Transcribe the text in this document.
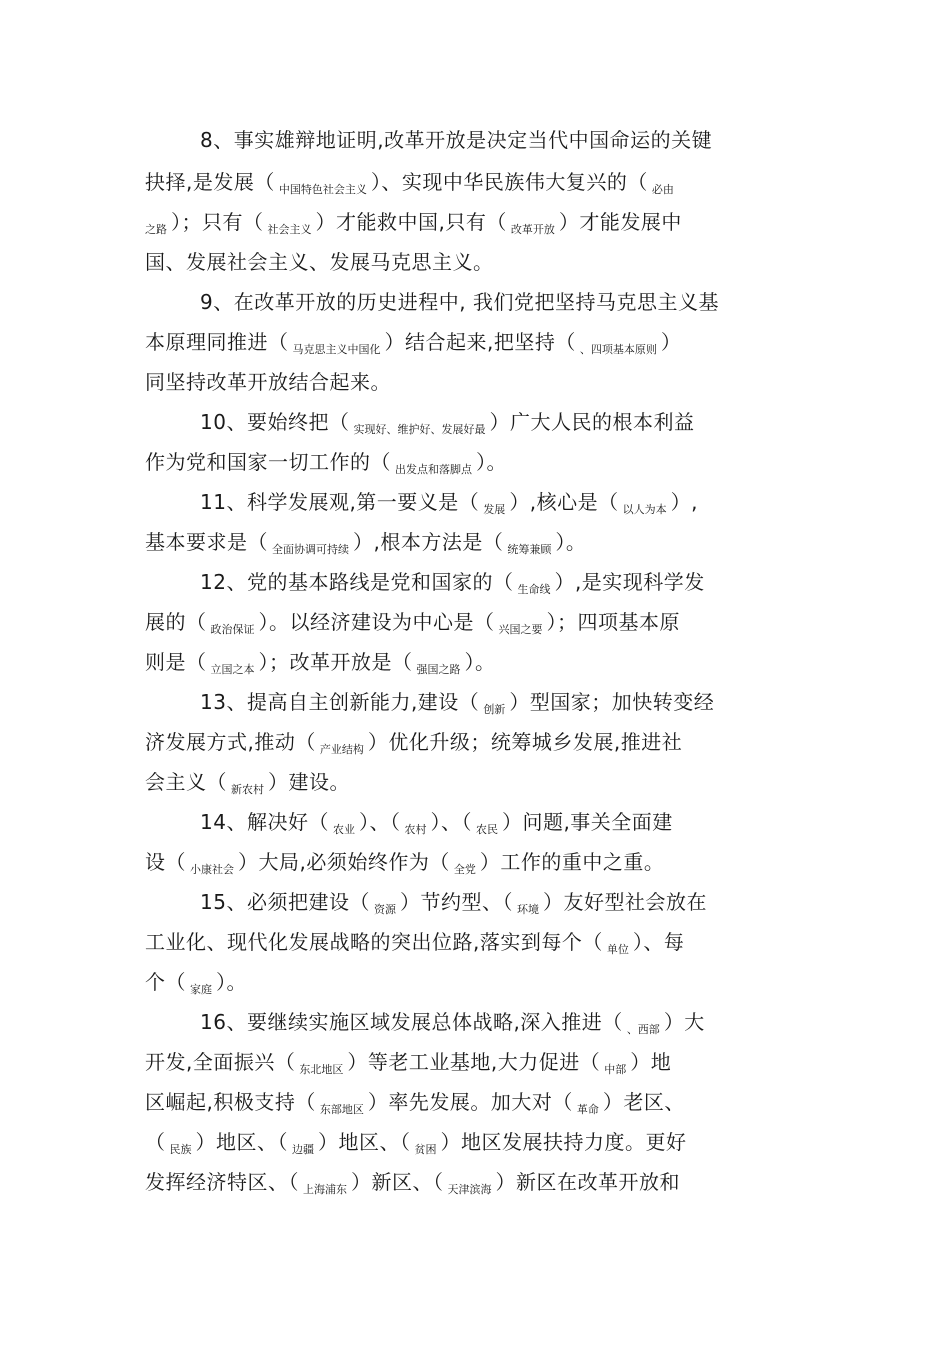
8、事实雄辩地证明,改革开放是决定当代中国命运的关键
抉择,是发展（ $_{中国特色社会主义}$ ）、实现中华民族伟大复兴的（ $_{必由}$
$_{之路}$ ）；只有（ $_{社会主义}$ ）才能救中国,只有（ $_{改革开放}$ ）才能发展中
国、发展社会主义、发展马克思主义。
9、在改革开放的历史进程中, 我们党把坚持马克思主义基
本原理同推进（ $_{马克思主义中国化}$ ）结合起来,把坚持（ $_{、四项基本原则}$ ）
同坚持改革开放结合起来。
10、要始终把（ $_{实现好、维护好、发展好最}$ ）广大人民的根本利益
作为党和国家一切工作的（ $_{出发点和落脚点}$ ）。
11、科学发展观,第一要义是（ $_{发展}$ ）,核心是（ $_{以人为本}$ ）,
基本要求是（ $_{全面协调可持续}$ ）,根本方法是（ $_{统筹兼顾}$ ）。
12、党的基本路线是党和国家的（ $_{生命线}$ ）,是实现科学发
展的（ $_{政治保证}$ ）。以经济建设为中心是（ $_{兴国之要}$ ）；四项基本原
则是（ $_{立国之本}$ ）；改革开放是（ $_{强国之路}$ ）。
13、提高自主创新能力,建设（ $_{创新}$ ）型国家；加快转变经
济发展方式,推动（ $_{产业结构}$ ）优化升级；统筹城乡发展,推进社
会主义（ $_{新农村}$ ）建设。
14、解决好（ $_{农业}$ ）、（ $_{农村}$ ）、（ $_{农民}$ ）问题,事关全面建
设（ $_{小康社会}$ ）大局,必须始终作为（ $_{全党}$ ）工作的重中之重。
15、必须把建设（ $_{资源}$ ）节约型、（ $_{环境}$ ）友好型社会放在
工业化、现代化发展战略的突出位路,落实到每个（ $_{单位}$ ）、每
个（ $_{家庭}$ ）。
16、要继续实施区域发展总体战略,深入推进（ $_{、西部}$ ）大
开发,全面振兴（ $_{东北地区}$ ）等老工业基地,大力促进（ $_{中部}$ ）地
区崛起,积极支持（ $_{东部地区}$ ）率先发展。加大对（ $_{革命}$ ）老区、
（ $_{民族}$ ）地区、（ $_{边疆}$ ）地区、（ $_{贫困}$ ）地区发展扶持力度。更好
发挥经济特区、（ $_{上海浦东}$ ）新区、（ $_{天津滨海}$ ）新区在改革开放和
